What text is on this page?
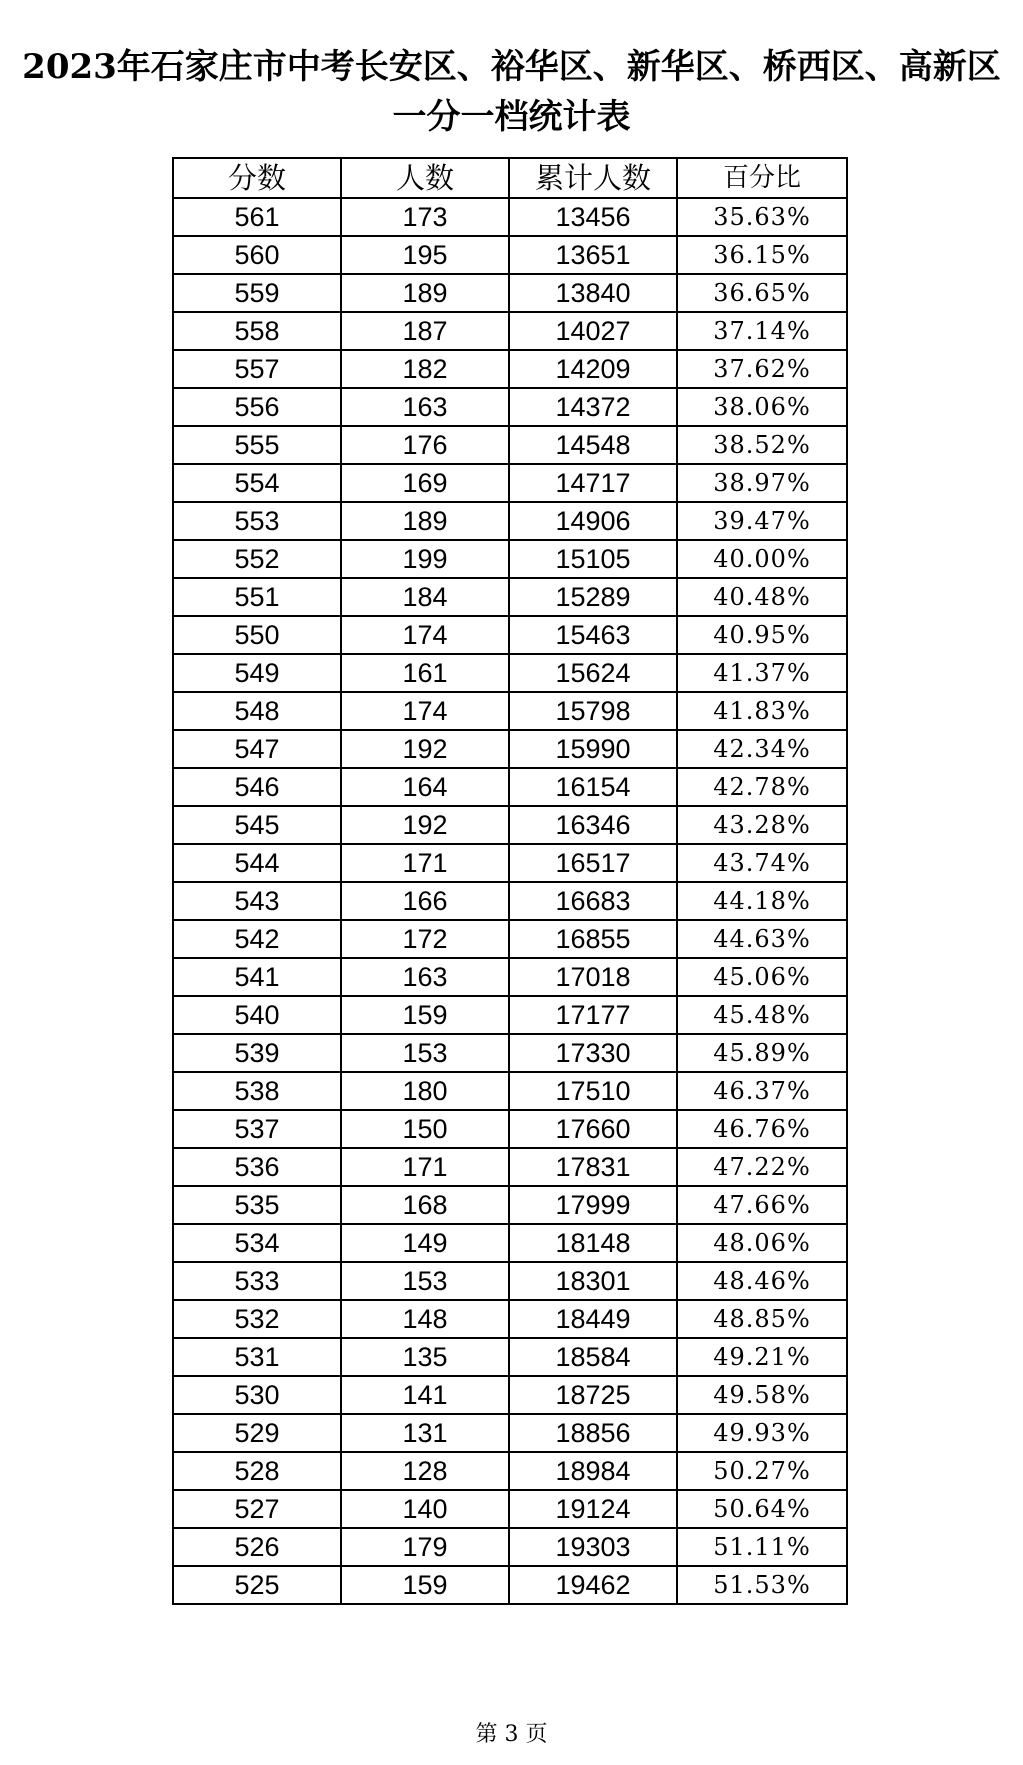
2023年石家庄市中考长安区、裕华区、新华区、桥西区、高新区
一分一档统计表
分数	人数	累计人数	百分比
561	173	13456	35.63%
560	195	13651	36.15%
559	189	13840	36.65%
558	187	14027	37.14%
557	182	14209	37.62%
556	163	14372	38.06%
555	176	14548	38.52%
554	169	14717	38.97%
553	189	14906	39.47%
552	199	15105	40.00%
551	184	15289	40.48%
550	174	15463	40.95%
549	161	15624	41.37%
548	174	15798	41.83%
547	192	15990	42.34%
546	164	16154	42.78%
545	192	16346	43.28%
544	171	16517	43.74%
543	166	16683	44.18%
542	172	16855	44.63%
541	163	17018	45.06%
540	159	17177	45.48%
539	153	17330	45.89%
538	180	17510	46.37%
537	150	17660	46.76%
536	171	17831	47.22%
535	168	17999	47.66%
534	149	18148	48.06%
533	153	18301	48.46%
532	148	18449	48.85%
531	135	18584	49.21%
530	141	18725	49.58%
529	131	18856	49.93%
528	128	18984	50.27%
527	140	19124	50.64%
526	179	19303	51.11%
525	159	19462	51.53%
第 3 页
